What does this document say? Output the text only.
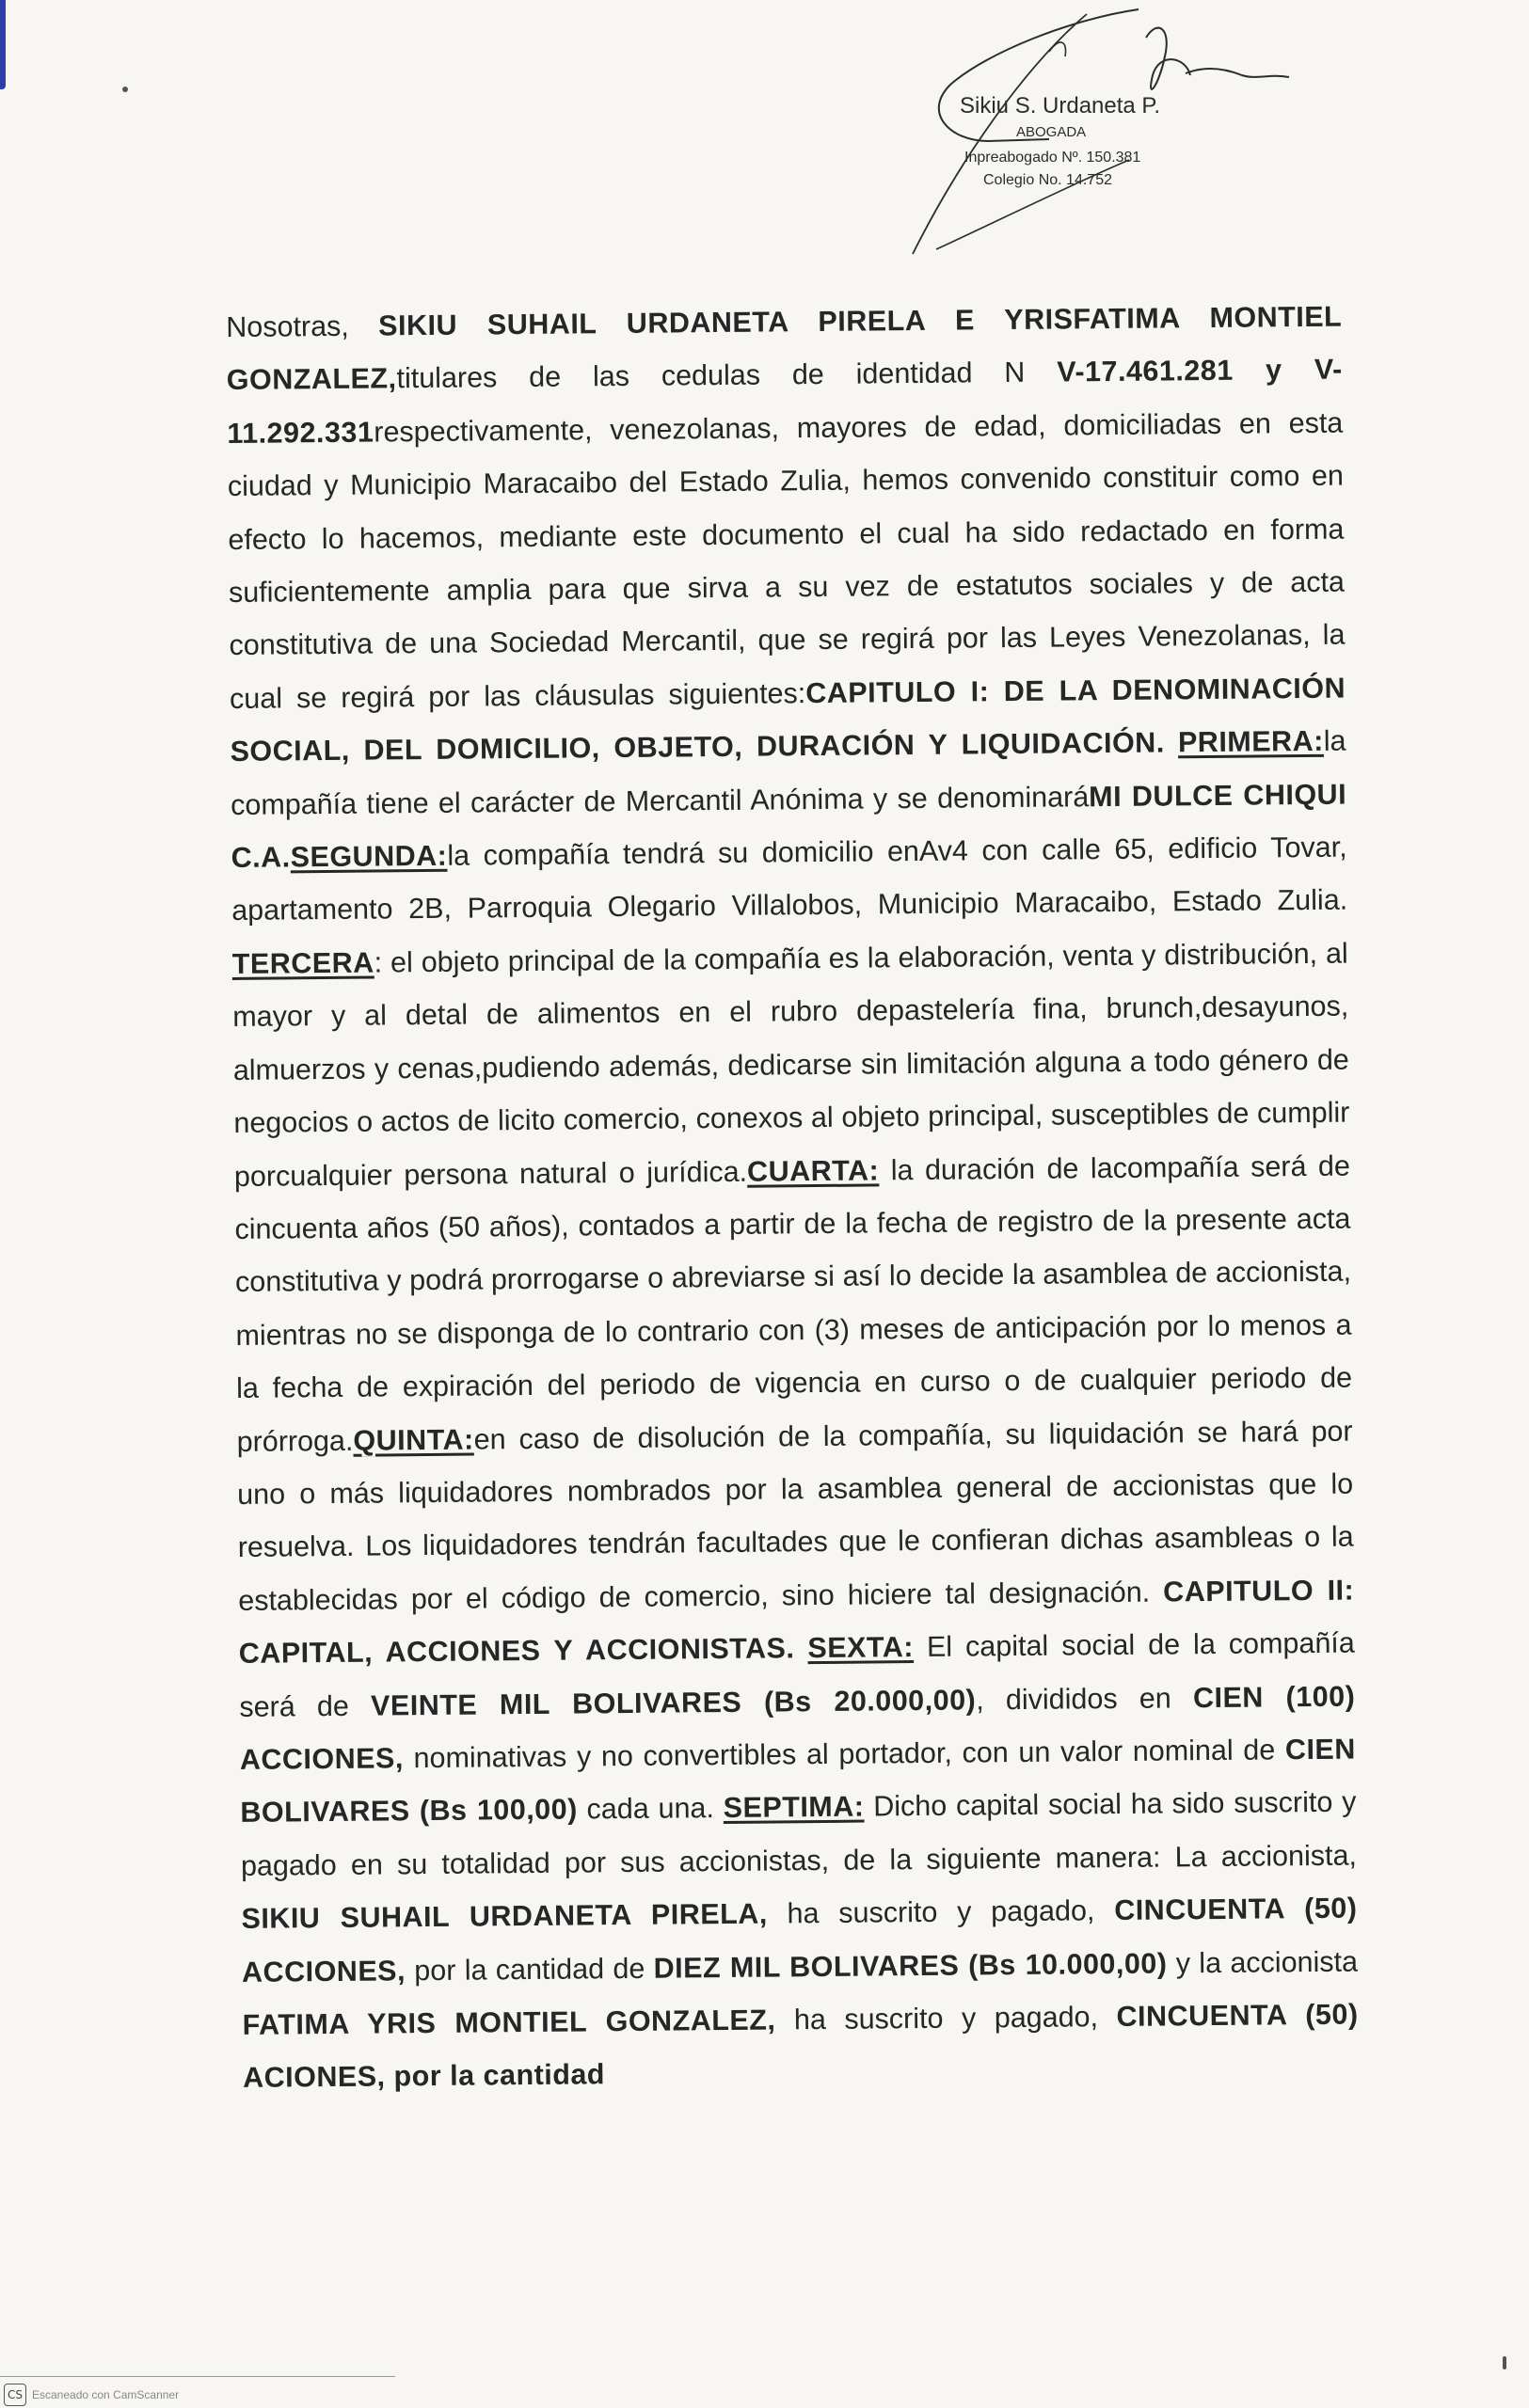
Sikiu S. Urdaneta P.
ABOGADA
Inpreabogado Nº. 150.381
Colegio No. 14.752

Nosotras, SIKIU SUHAIL URDANETA PIRELA E YRISFATIMA MONTIEL GONZALEZ,titulares de las cedulas de identidad N V-17.461.281 y V-11.292.331respectivamente, venezolanas, mayores de edad, domiciliadas en esta ciudad y Municipio Maracaibo del Estado Zulia, hemos convenido constituir como en efecto lo hacemos, mediante este documento el cual ha sido redactado en forma suficientemente amplia para que sirva a su vez de estatutos sociales y de acta constitutiva de una Sociedad Mercantil, que se regirá por las Leyes Venezolanas, la cual se regirá por las cláusulas siguientes:CAPITULO I: DE LA DENOMINACIÓN SOCIAL, DEL DOMICILIO, OBJETO, DURACIÓN Y LIQUIDACIÓN. PRIMERA:la compañía tiene el carácter de Mercantil Anónima y se denominaráMI DULCE CHIQUI C.A.SEGUNDA:la compañía tendrá su domicilio enAv4 con calle 65, edificio Tovar, apartamento 2B, Parroquia Olegario Villalobos, Municipio Maracaibo, Estado Zulia. TERCERA: el objeto principal de la compañía es la elaboración, venta y distribución, al mayor y al detal de alimentos en el rubro depastelería fina, brunch,desayunos, almuerzos y cenas,pudiendo además, dedicarse sin limitación alguna a todo género de negocios o actos de licito comercio, conexos al objeto principal, susceptibles de cumplir porcualquier persona natural o jurídica.CUARTA: la duración de lacompañía será de cincuenta años (50 años), contados a partir de la fecha de registro de la presente acta constitutiva y podrá prorrogarse o abreviarse si así lo decide la asamblea de accionista, mientras no se disponga de lo contrario con (3) meses de anticipación por lo menos a la fecha de expiración del periodo de vigencia en curso o de cualquier periodo de prórroga.QUINTA:en caso de disolución de la compañía, su liquidación se hará por uno o más liquidadores nombrados por la asamblea general de accionistas que lo resuelva. Los liquidadores tendrán facultades que le confieran dichas asambleas o la establecidas por el código de comercio, sino hiciere tal designación. CAPITULO II: CAPITAL, ACCIONES Y ACCIONISTAS. SEXTA: El capital social de la compañía será de VEINTE MIL BOLIVARES (Bs 20.000,00), divididos en CIEN (100) ACCIONES, nominativas y no convertibles al portador, con un valor nominal de CIEN BOLIVARES (Bs 100,00) cada una. SEPTIMA: Dicho capital social ha sido suscrito y pagado en su totalidad por sus accionistas, de la siguiente manera: La accionista, SIKIU SUHAIL URDANETA PIRELA, ha suscrito y pagado, CINCUENTA (50) ACCIONES, por la cantidad de DIEZ MIL BOLIVARES (Bs 10.000,00) y la accionista FATIMA YRIS MONTIEL GONZALEZ, ha suscrito y pagado, CINCUENTA (50) ACIONES, por la cantidad

CS Escaneado con CamScanner
